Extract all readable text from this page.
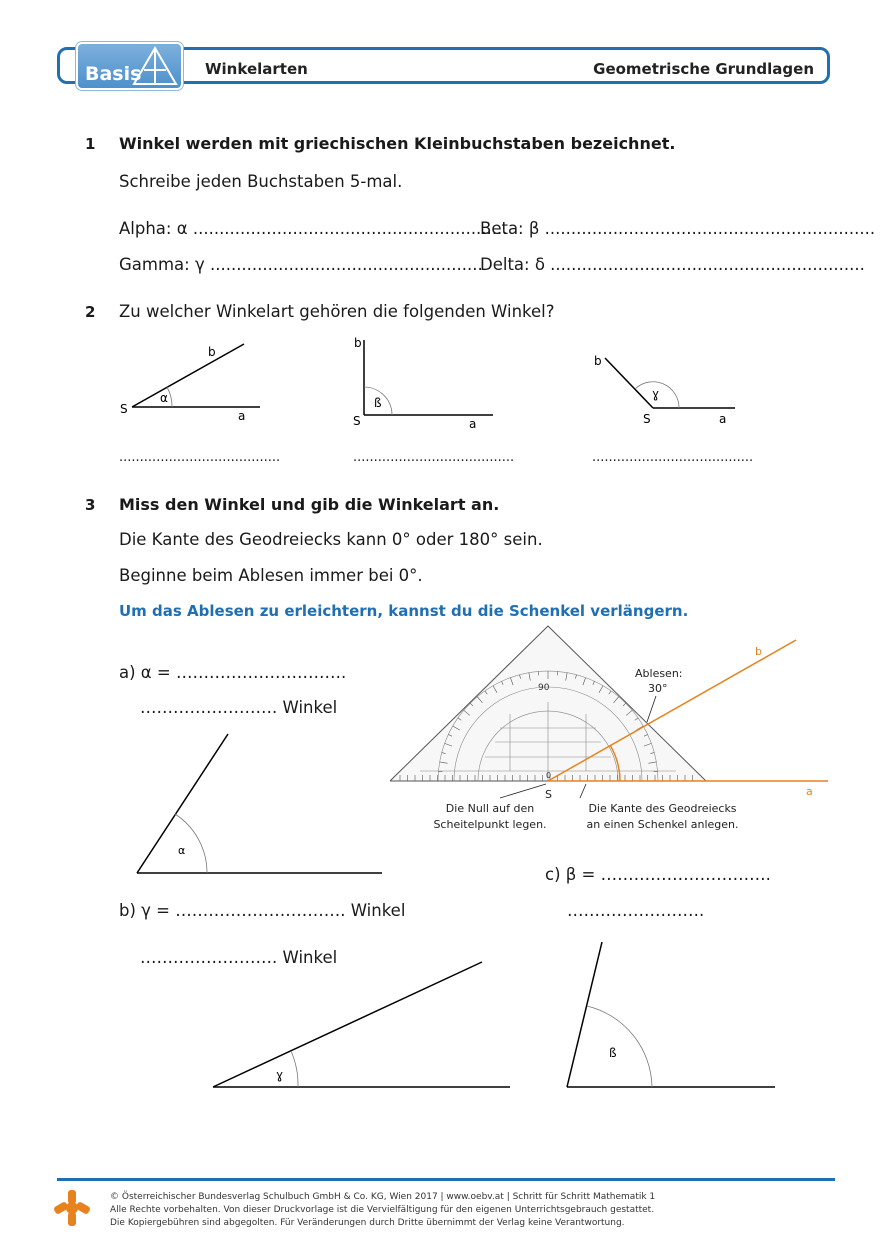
Basis	Winkelarten	Geometrische Grundlagen
1 Winkel werden mit griechischen Kleinbuchstaben bezeichnet.
Schreibe jeden Buchstaben 5-mal.
Alpha: α ............................................................
Beta: β ...............................................................
Gamma: γ ....................................................
Delta: δ ............................................................
2 Zu welcher Winkelart gehören die folgenden Winkel?
S
b
a
α
S
b
a
ß
S
b
a
ɣ
.......................................	.......................................	.......................................
3 Miss den Winkel und gib die Winkelart an.
Die Kante des Geodreiecks kann 0° oder 180° sein.
Beginne beim Ablesen immer bei 0°.
Um das Ablesen zu erleichtern, kannst du die Schenkel verlängern.
a) α = ………………………….
……………………. Winkel
α
90
0
b
a
S
Ablesen:
30°
Die Null auf den
Scheitelpunkt legen.
Die Kante des Geodreiecks
an einen Schenkel anlegen.
c) β = ………………………….
…………………….
b) γ = …………………………. Winkel
……………………. Winkel
ɣ
ß
© Österreichischer Bundesverlag Schulbuch GmbH & Co. KG, Wien 2017 | www.oebv.at | Schritt für Schritt Mathematik 1
Alle Rechte vorbehalten. Von dieser Druckvorlage ist die Vervielfältigung für den eigenen Unterrichtsgebrauch gestattet.
Die Kopiergebühren sind abgegolten. Für Veränderungen durch Dritte übernimmt der Verlag keine Verantwortung.
